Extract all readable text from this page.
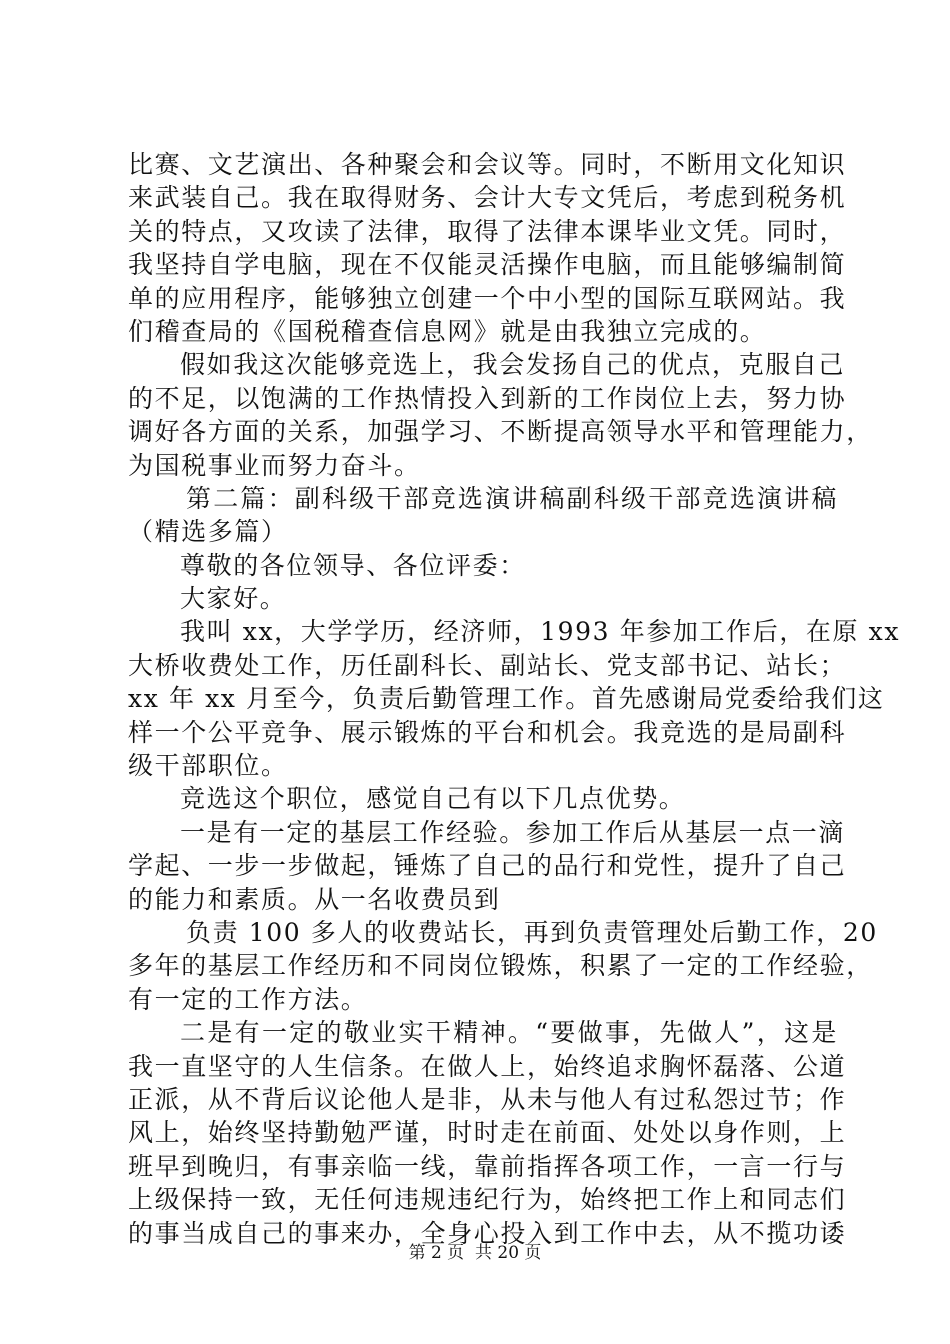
比赛、文艺演出、各种聚会和会议等。同时，不断用文化知识
来武装自己。我在取得财务、会计大专文凭后，考虑到税务机
关的特点，又攻读了法律，取得了法律本课毕业文凭。同时，
我坚持自学电脑，现在不仅能灵活操作电脑，而且能够编制简
单的应用程序，能够独立创建一个中小型的国际互联网站。我
们稽查局的《国税稽查信息网》就是由我独立完成的。
假如我这次能够竞选上，我会发扬自己的优点，克服自己
的不足，以饱满的工作热情投入到新的工作岗位上去，努力协
调好各方面的关系，加强学习、不断提高领导水平和管理能力，
为国税事业而努力奋斗。
第二篇：副科级干部竞选演讲稿副科级干部竞选演讲稿
（精选多篇）
尊敬的各位领导、各位评委：
大家好。
我叫 xx，大学学历，经济师，1993 年参加工作后，在原 xx
大桥收费处工作，历任副科长、副站长、党支部书记、站长；
xx 年 xx 月至今，负责后勤管理工作。首先感谢局党委给我们这
样一个公平竞争、展示锻炼的平台和机会。我竞选的是局副科
级干部职位。
竞选这个职位，感觉自己有以下几点优势。
一是有一定的基层工作经验。参加工作后从基层一点一滴
学起、一步一步做起，锤炼了自己的品行和党性，提升了自己
的能力和素质。从一名收费员到
负责 100 多人的收费站长，再到负责管理处后勤工作，20
多年的基层工作经历和不同岗位锻炼，积累了一定的工作经验，
有一定的工作方法。
二是有一定的敬业实干精神。“要做事，先做人”，这是
我一直坚守的人生信条。在做人上，始终追求胸怀磊落、公道
正派，从不背后议论他人是非，从未与他人有过私怨过节；作
风上，始终坚持勤勉严谨，时时走在前面、处处以身作则，上
班早到晚归，有事亲临一线，靠前指挥各项工作，一言一行与
上级保持一致，无任何违规违纪行为，始终把工作上和同志们
的事当成自己的事来办，全身心投入到工作中去，从不揽功诿
第 2 页  共 20 页
